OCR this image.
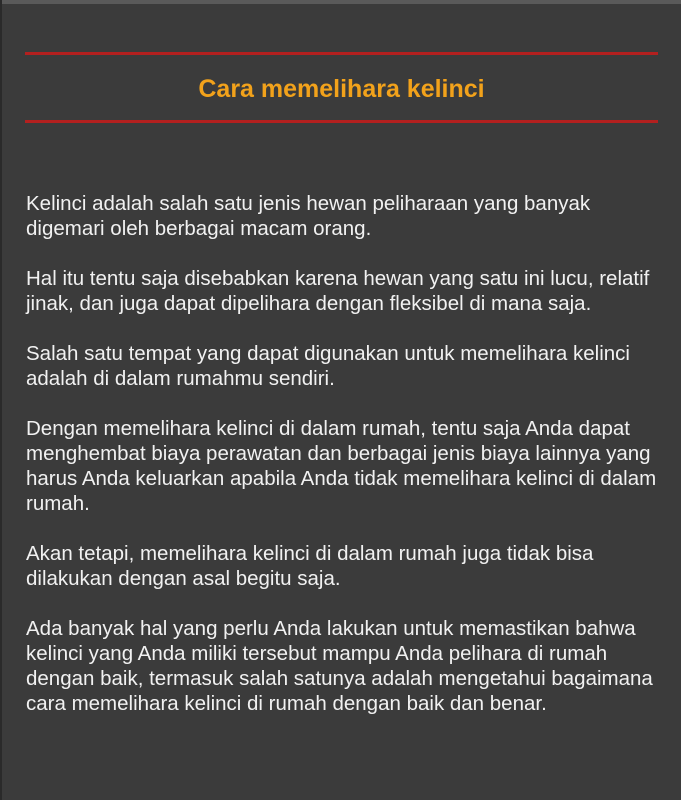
Cara memelihara kelinci

Kelinci adalah salah satu jenis hewan peliharaan yang banyak digemari oleh berbagai macam orang.

Hal itu tentu saja disebabkan karena hewan yang satu ini lucu, relatif jinak, dan juga dapat dipelihara dengan fleksibel di mana saja.

Salah satu tempat yang dapat digunakan untuk memelihara kelinci adalah di dalam rumahmu sendiri.

Dengan memelihara kelinci di dalam rumah, tentu saja Anda dapat menghembat biaya perawatan dan berbagai jenis biaya lainnya yang harus Anda keluarkan apabila Anda tidak memelihara kelinci di dalam rumah.

Akan tetapi, memelihara kelinci di dalam rumah juga tidak bisa dilakukan dengan asal begitu saja.

Ada banyak hal yang perlu Anda lakukan untuk memastikan bahwa kelinci yang Anda miliki tersebut mampu Anda pelihara di rumah dengan baik, termasuk salah satunya adalah mengetahui bagaimana cara memelihara kelinci di rumah dengan baik dan benar.
